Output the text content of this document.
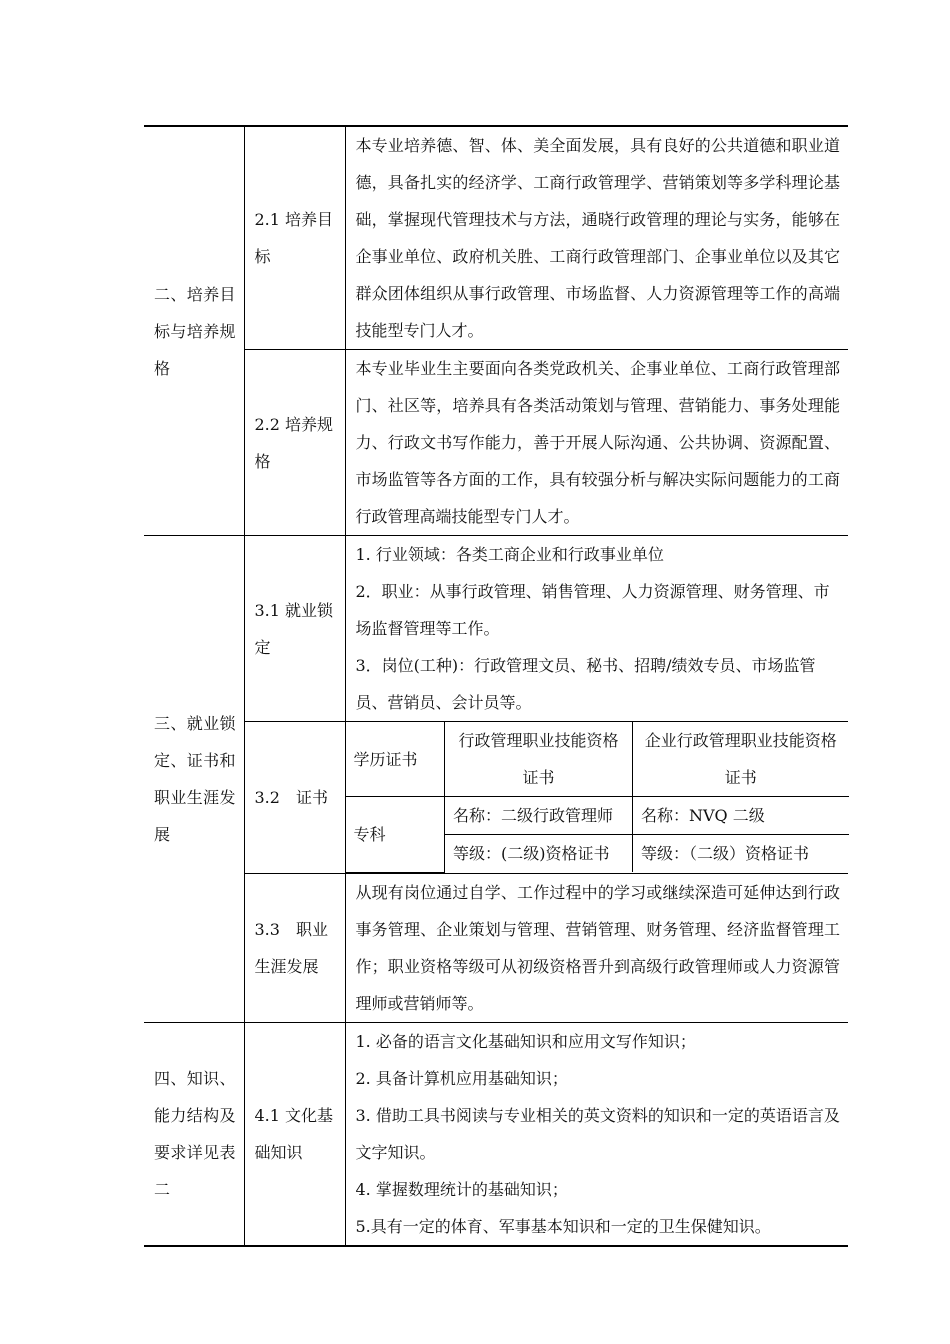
二、培养目标与培养规格	2.1 培养目标	
本专业培养德、智、体、美全面发展，具有良好的公共道德和职业道德，具备扎实的经济学、工商行政管理学、营销策划等多学科理论基础，掌握现代管理技术与方法，通晓行政管理的理论与实务，能够在企事业单位、政府机关胜、工商行政管理部门、企事业单位以及其它群众团体组织从事行政管理、市场监督、人力资源管理等工作的高端技能型专门人才。

2.2 培养规格	
本专业毕业生主要面向各类党政机关、企事业单位、工商行政管理部门、社区等，培养具有各类活动策划与管理、营销能力、事务处理能力、行政文书写作能力，善于开展人际沟通、公共协调、资源配置、市场监管等各方面的工作，具有较强分析与解决实际问题能力的工商行政管理高端技能型专门人才。

三、就业锁定、证书和职业生涯发展	3.1 就业锁定	
1. 行业领域：各类工商企业和行政事业单位
2．职业：从事行政管理、销售管理、人力资源管理、财务管理、市场监督管理等工作。
3．岗位(工种)：行政管理文员、秘书、招聘/绩效专员、市场监管员、营销员、会计员等。

3.2　证书	
学历证书	行政管理职业技能资格证书	企业行政管理职业技能资格证书
专科	名称：二级行政管理师	名称：NVQ 二级
等级：(二级)资格证书	等级：（二级）资格证书

3.3　职业生涯发展	
从现有岗位通过自学、工作过程中的学习或继续深造可延伸达到行政事务管理、企业策划与管理、营销管理、财务管理、经济监督管理工作；职业资格等级可从初级资格晋升到高级行政管理师或人力资源管理师或营销师等。

四、知识、能力结构及要求详见表二	4.1 文化基础知识	
1. 必备的语言文化基础知识和应用文写作知识；
2. 具备计算机应用基础知识；
3. 借助工具书阅读与专业相关的英文资料的知识和一定的英语语言及文字知识。
4. 掌握数理统计的基础知识；
5.具有一定的体育、军事基本知识和一定的卫生保健知识。
